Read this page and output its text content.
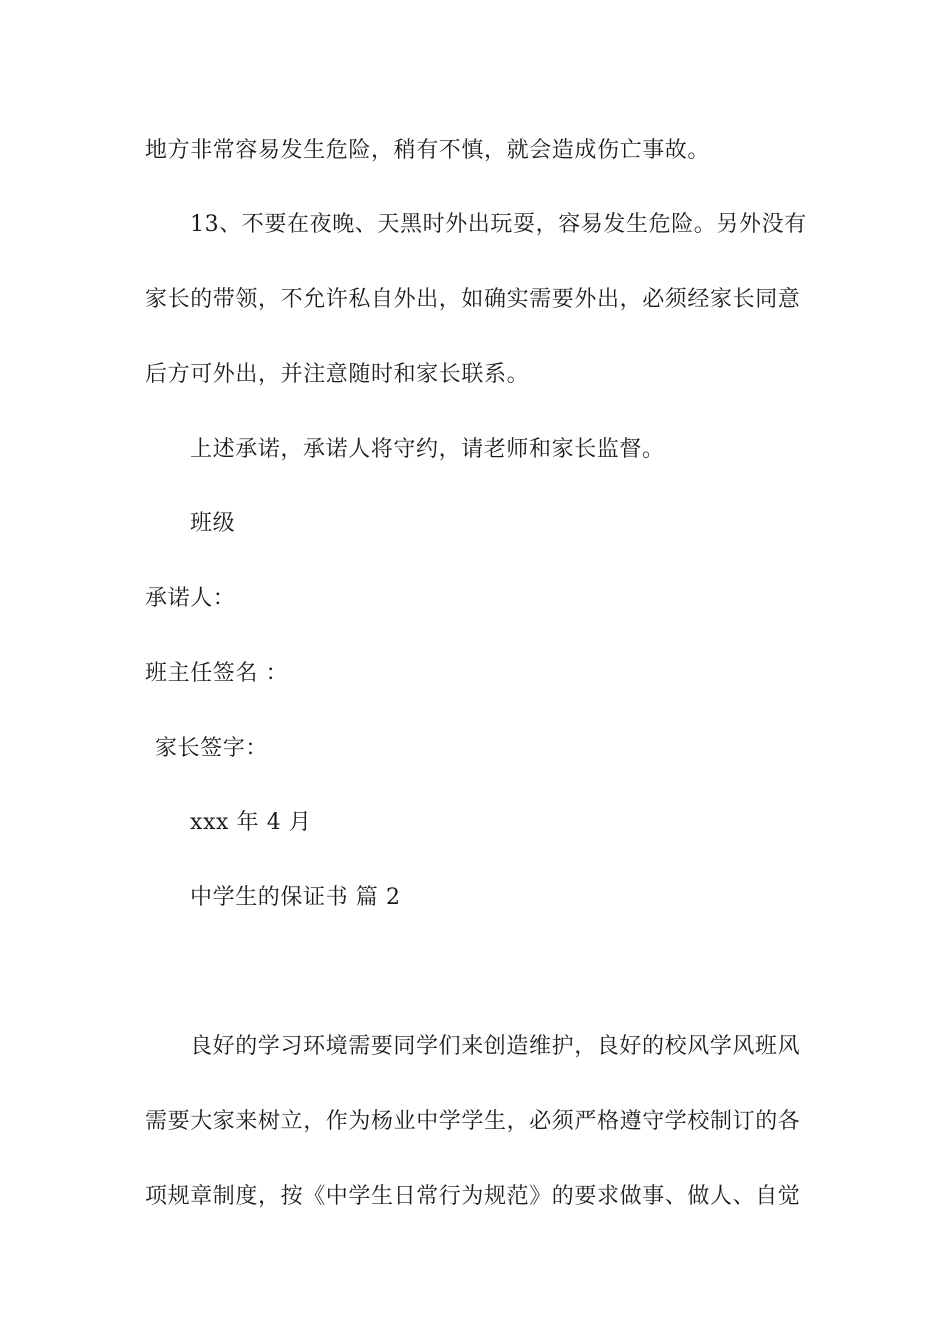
地方非常容易发生危险，稍有不慎，就会造成伤亡事故。
13、不要在夜晚、天黑时外出玩耍，容易发生危险。另外没有
家长的带领，不允许私自外出，如确实需要外出，必须经家长同意
后方可外出，并注意随时和家长联系。
上述承诺，承诺人将守约，请老师和家长监督。
班级
承诺人：
班主任签名 ：
家长签字：
xxx 年 4 月
中学生的保证书 篇 2
良好的学习环境需要同学们来创造维护，良好的校风学风班风
需要大家来树立，作为杨业中学学生，必须严格遵守学校制订的各
项规章制度，按《中学生日常行为规范》的要求做事、做人、自觉
